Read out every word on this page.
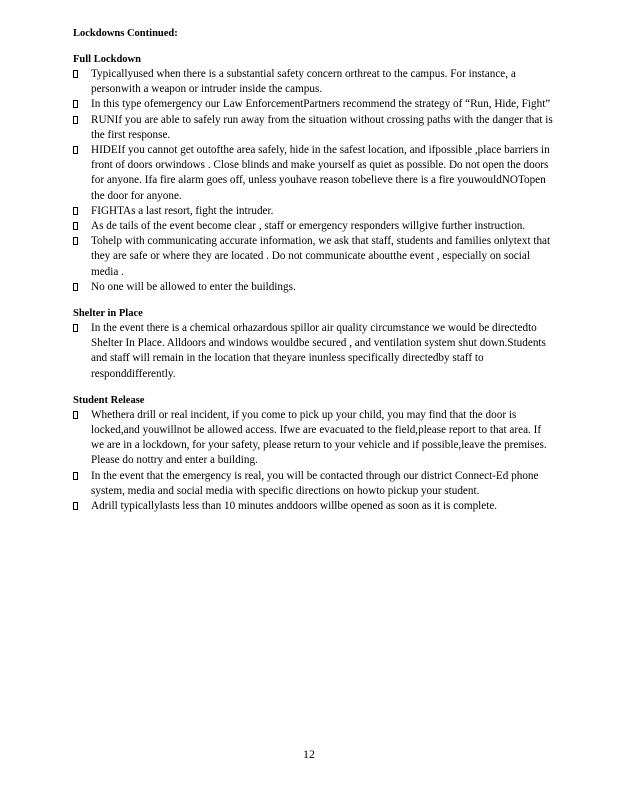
Lockdowns Continued:

Full Lockdown

Typicallyused when there is a substantial safety concern orthreat to the campus. For instance, a personwith a weapon or intruder inside the campus.
In this type ofemergency our Law EnforcementPartners recommend the strategy of “Run, Hide, Fight”
RUNIf you are able to safely run away from the situation without crossing paths with the danger that is the first response.
HIDEIf you cannot get outofthe area safely, hide in the safest location, and ifpossible ,place barriers in front of doors orwindows . Close blinds and make yourself as quiet as possible. Do not open the doors for anyone. Ifa fire alarm goes off, unless youhave reason tobelieve there is a fire youwouldNOTopen the door for anyone.
FIGHTAs a last resort, fight the intruder.
As de tails of the event become clear , staff or emergency responders willgive further instruction.
Tohelp with communicating accurate information, we ask that staff, students and families onlytext that they are safe or where they are located . Do not communicate aboutthe event , especially on social media .
No one will be allowed to enter the buildings.

Shelter in Place

In the event there is a chemical orhazardous spillor air quality circumstance we would be directedto Shelter In Place. Alldoors and windows wouldbe secured , and ventilation system shut down.Students and staff will remain in the location that theyare inunless specifically directedby staff to responddifferently.

Student Release

Whethera drill or real incident, if you come to pick up your child, you may find that the door is locked,and youwillnot be allowed access. Ifwe are evacuated to the field,please report to that area. If we are in a lockdown, for your safety, please return to your vehicle and if possible,leave the premises. Please do nottry and enter a building.
In the event that the emergency is real, you will be contacted through our district Connect-Ed phone system, media and social media with specific directions on howto pickup your student.
Adrill typicallylasts less than 10 minutes anddoors willbe opened as soon as it is complete.
12
